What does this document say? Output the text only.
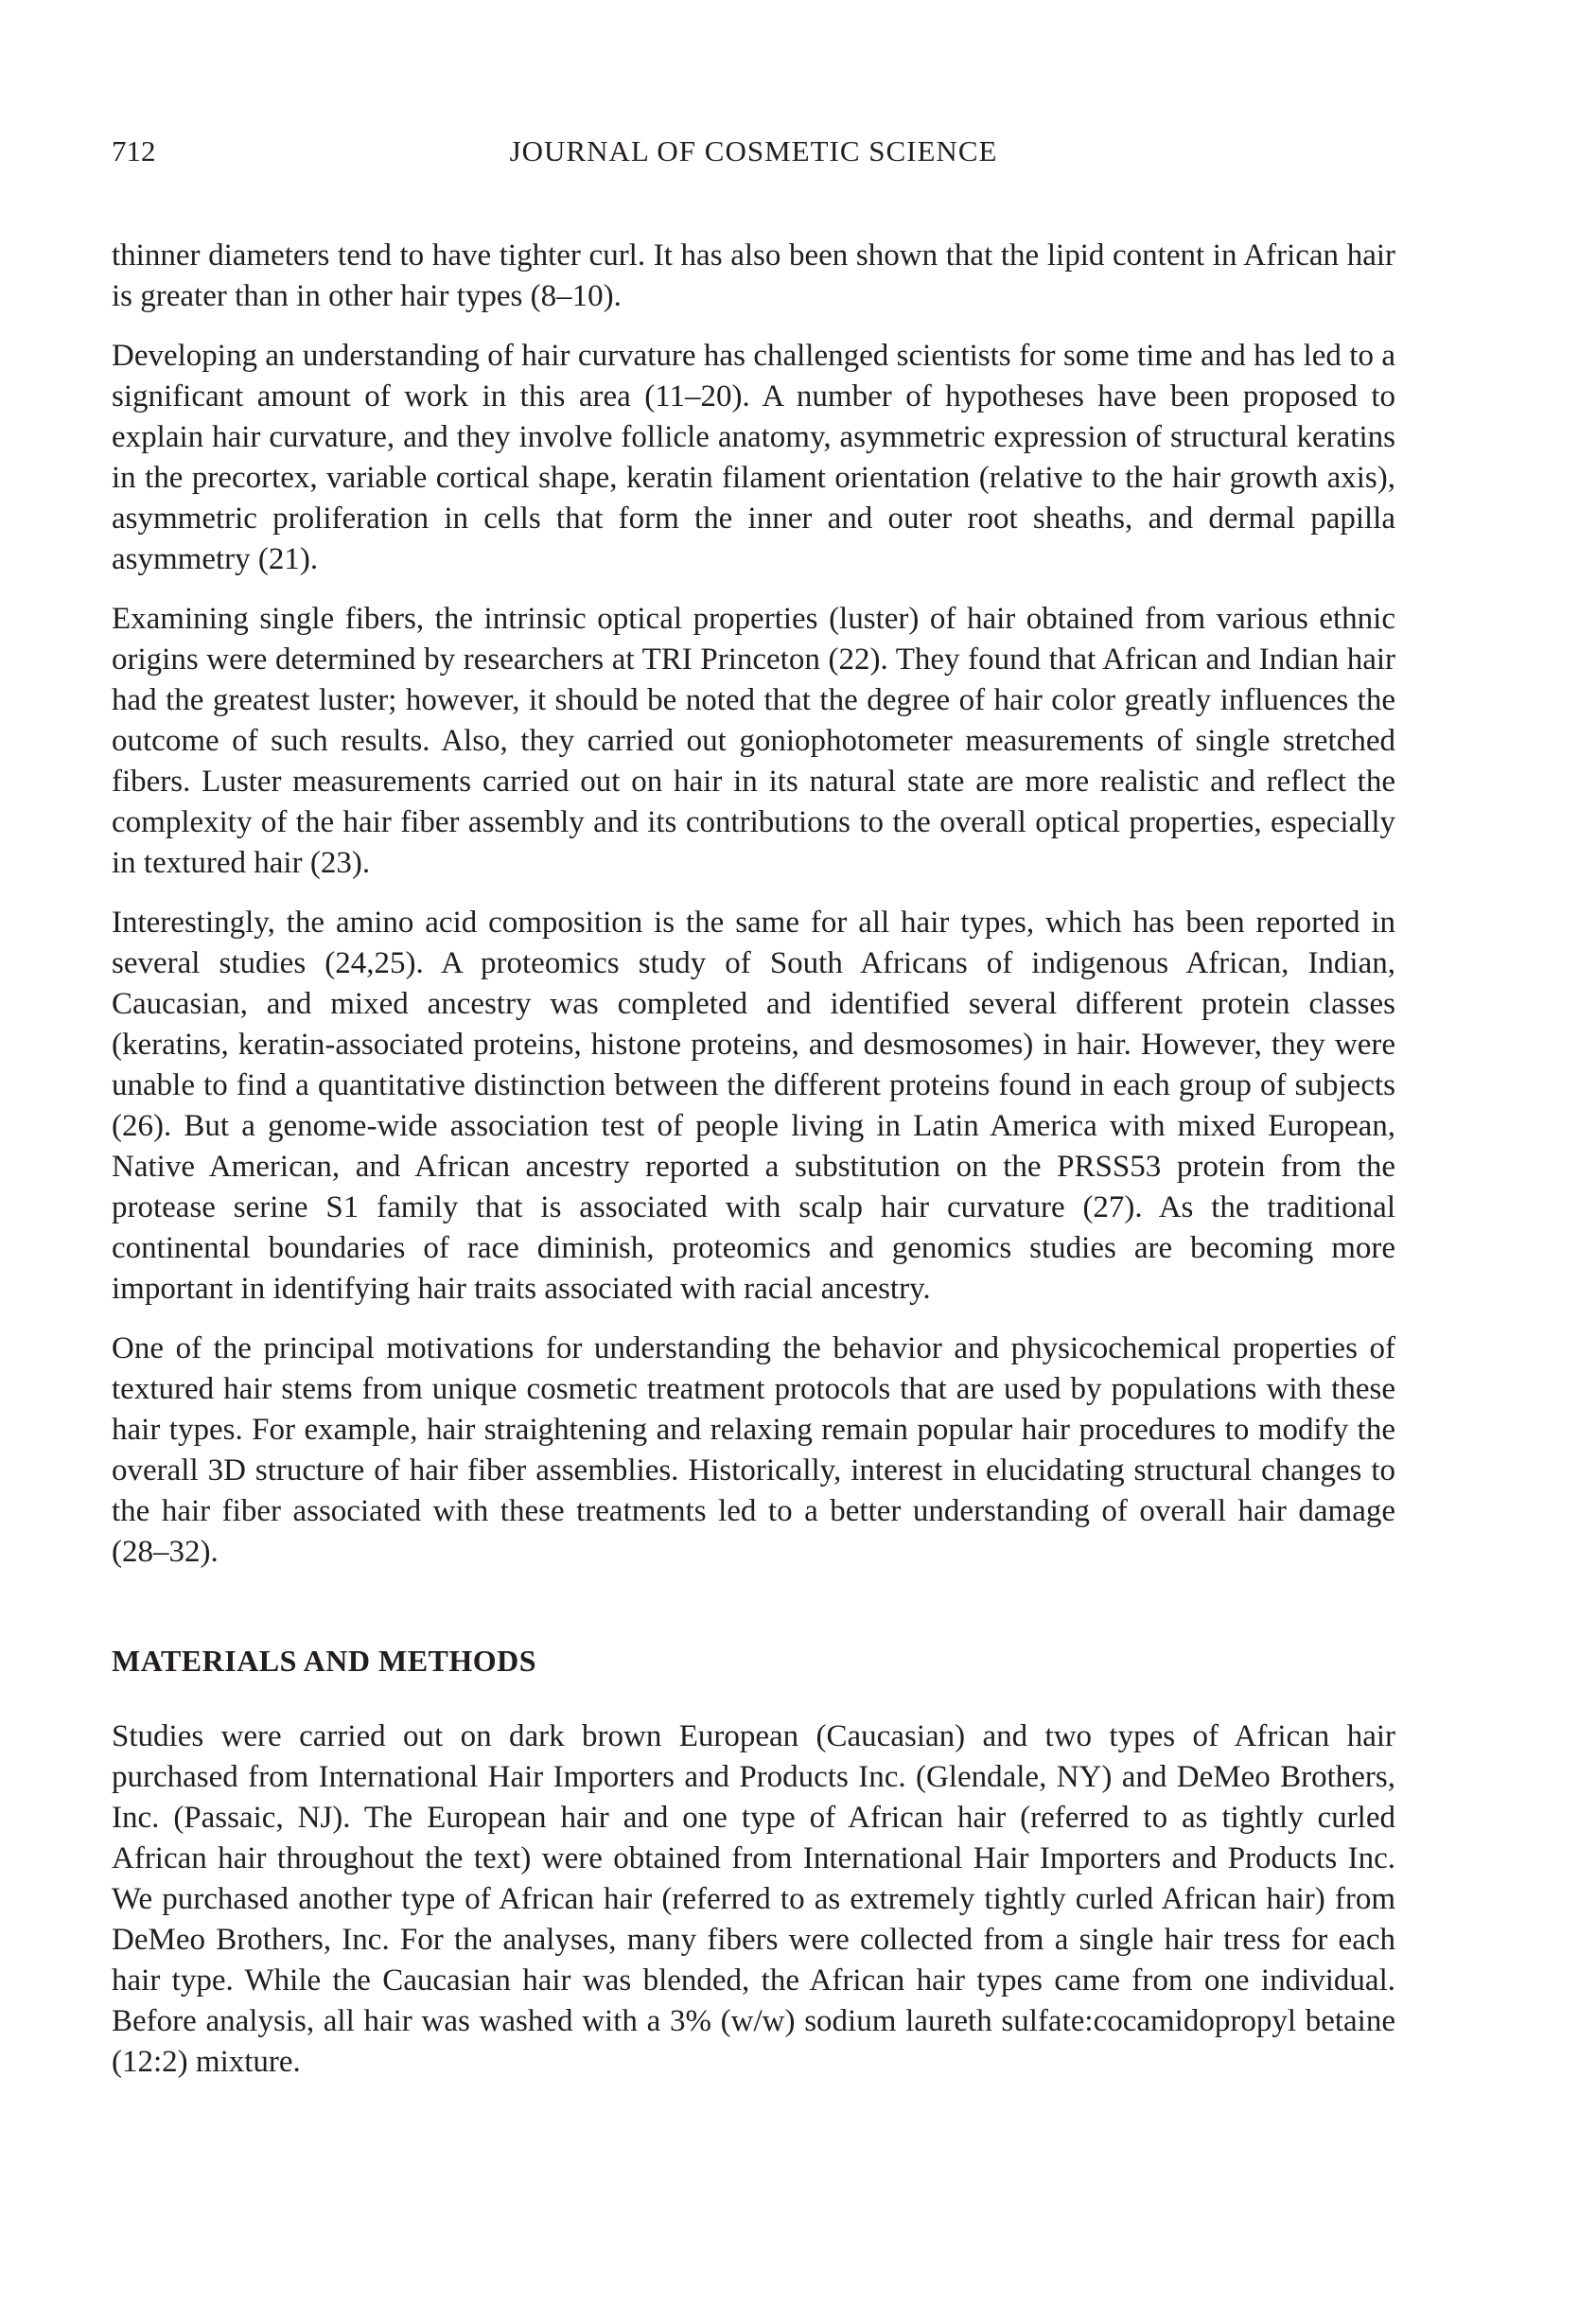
712	JOURNAL OF COSMETIC SCIENCE

thinner diameters tend to have tighter curl. It has also been shown that the lipid content in African hair is greater than in other hair types (8–10).

Developing an understanding of hair curvature has challenged scientists for some time and has led to a significant amount of work in this area (11–20). A number of hypotheses have been proposed to explain hair curvature, and they involve follicle anatomy, asymmetric expression of structural keratins in the precortex, variable cortical shape, keratin filament orientation (relative to the hair growth axis), asymmetric proliferation in cells that form the inner and outer root sheaths, and dermal papilla asymmetry (21).

Examining single fibers, the intrinsic optical properties (luster) of hair obtained from various ethnic origins were determined by researchers at TRI Princeton (22). They found that African and Indian hair had the greatest luster; however, it should be noted that the degree of hair color greatly influences the outcome of such results. Also, they carried out goniophotometer measurements of single stretched fibers. Luster measurements carried out on hair in its natural state are more realistic and reflect the complexity of the hair fiber assembly and its contributions to the overall optical properties, especially in textured hair (23).

Interestingly, the amino acid composition is the same for all hair types, which has been reported in several studies (24,25). A proteomics study of South Africans of indigenous African, Indian, Caucasian, and mixed ancestry was completed and identified several different protein classes (keratins, keratin-associated proteins, histone proteins, and desmosomes) in hair. However, they were unable to find a quantitative distinction between the different proteins found in each group of subjects (26). But a genome-wide association test of people living in Latin America with mixed European, Native American, and African ancestry reported a substitution on the PRSS53 protein from the protease serine S1 family that is associated with scalp hair curvature (27). As the traditional continental boundaries of race diminish, proteomics and genomics studies are becoming more important in identifying hair traits associated with racial ancestry.

One of the principal motivations for understanding the behavior and physicochemical properties of textured hair stems from unique cosmetic treatment protocols that are used by populations with these hair types. For example, hair straightening and relaxing remain popular hair procedures to modify the overall 3D structure of hair fiber assemblies. Historically, interest in elucidating structural changes to the hair fiber associated with these treatments led to a better understanding of overall hair damage (28–32).

MATERIALS AND METHODS

Studies were carried out on dark brown European (Caucasian) and two types of African hair purchased from International Hair Importers and Products Inc. (Glendale, NY) and DeMeo Brothers, Inc. (Passaic, NJ). The European hair and one type of African hair (referred to as tightly curled African hair throughout the text) were obtained from International Hair Importers and Products Inc. We purchased another type of African hair (referred to as extremely tightly curled African hair) from DeMeo Brothers, Inc. For the analyses, many fibers were collected from a single hair tress for each hair type. While the Caucasian hair was blended, the African hair types came from one individual. Before analysis, all hair was washed with a 3% (w/w) sodium laureth sulfate:cocamidopropyl betaine (12:2) mixture.
